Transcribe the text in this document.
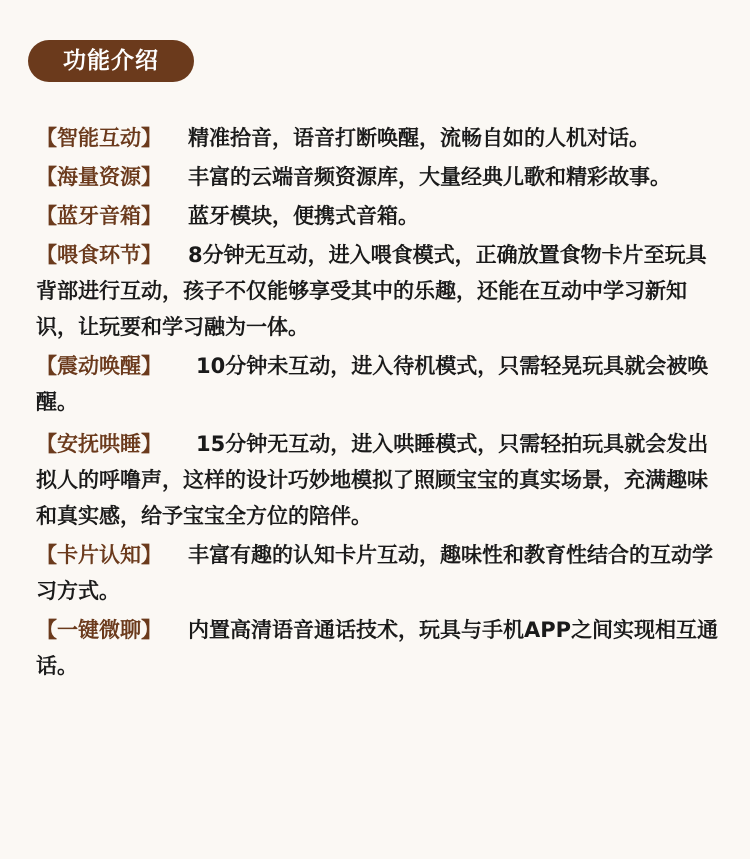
功能介绍
【智能互动】 精准拾音，语音打断唤醒，流畅自如的人机对话。
【海量资源】 丰富的云端音频资源库，大量经典儿歌和精彩故事。
【蓝牙音箱】 蓝牙模块，便携式音箱。
【喂食环节】 8分钟无互动，进入喂食模式，正确放置食物卡片至玩具背部进行互动，孩子不仅能够享受其中的乐趣，还能在互动中学习新知识，让玩要和学习融为一体。
【震动唤醒】 10分钟未互动，进入待机模式，只需轻晃玩具就会被唤醒。
【安抚哄睡】 15分钟无互动，进入哄睡模式，只需轻拍玩具就会发出拟人的呼噜声，这样的设计巧妙地模拟了照顾宝宝的真实场景，充满趣味和真实感，给予宝宝全方位的陪伴。
【卡片认知】 丰富有趣的认知卡片互动，趣味性和教育性结合的互动学习方式。
【一键微聊】 内置高清语音通话技术，玩具与手机APP之间实现相互通话。
